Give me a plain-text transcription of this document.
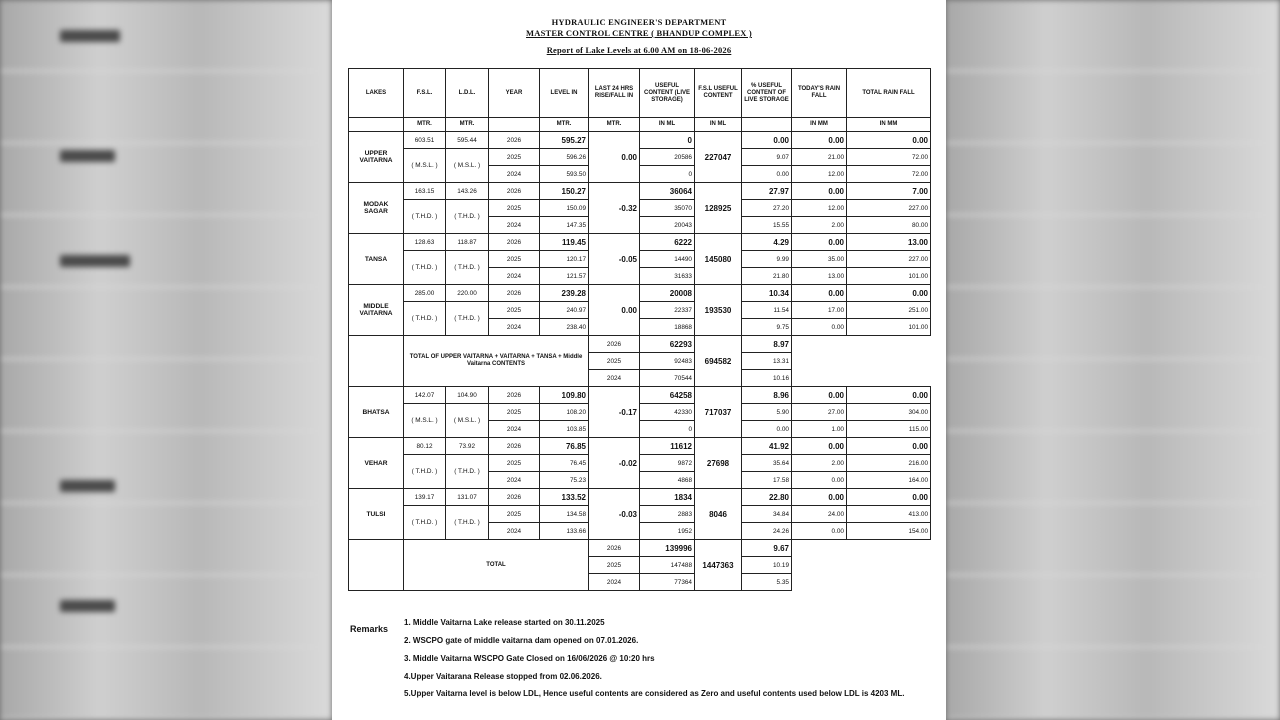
HYDRAULIC ENGINEER'S DEPARTMENT
MASTER CONTROL CENTRE ( BHANDUP COMPLEX )
Report of Lake Levels at 6.00 AM on 18-06-2026
LAKES	F.S.L.	L.D.L.	YEAR	LEVEL IN	LAST 24 HRS RISE/FALL IN	USEFUL CONTENT (LIVE STORAGE)	F.S.L USEFUL CONTENT	% USEFUL CONTENT OF LIVE STORAGE	TODAY'S RAIN FALL	TOTAL RAIN FALL
	MTR.	MTR.		MTR.	MTR.	IN ML	IN ML		IN MM	IN MM
UPPER VAITARNA	603.51	595.44	2026	595.27	0.00	0	227047	0.00	0.00	0.00
	( M.S.L. )	( M.S.L. )	2025	596.26		20586		9.07	21.00	72.00
			2024	593.50		0		0.00	12.00	72.00
MODAK SAGAR	163.15	143.26	2026	150.27	-0.32	36064	128925	27.97	0.00	7.00
	( T.H.D. )	( T.H.D. )	2025	150.09		35070		27.20	12.00	227.00
			2024	147.35		20043		15.55	2.00	80.00
TANSA	128.63	118.87	2026	119.45	-0.05	6222	145080	4.29	0.00	13.00
	( T.H.D. )	( T.H.D. )	2025	120.17		14490		9.99	35.00	227.00
			2024	121.57		31633		21.80	13.00	101.00
MIDDLE VAITARNA	285.00	220.00	2026	239.28	0.00	20008	193530	10.34	0.00	0.00
	( T.H.D. )	( T.H.D. )	2025	240.97		22337		11.54	17.00	251.00
			2024	238.40		18868		9.75	0.00	101.00
	TOTAL OF UPPER VAITARNA + VAITARNA + TANSA + Middle Vaitarna CONTENTS				2026	62293	694582	8.97		
					2025	92483		13.31		
					2024	70544		10.16		
BHATSA	142.07	104.90	2026	109.80	-0.17	64258	717037	8.96	0.00	0.00
	( M.S.L. )	( M.S.L. )	2025	108.20		42330		5.90	27.00	304.00
			2024	103.85		0		0.00	1.00	115.00
VEHAR	80.12	73.92	2026	76.85	-0.02	11612	27698	41.92	0.00	0.00
	( T.H.D. )	( T.H.D. )	2025	76.45		9872		35.64	2.00	216.00
			2024	75.23		4868		17.58	0.00	164.00
TULSI	139.17	131.07	2026	133.52	-0.03	1834	8046	22.80	0.00	0.00
	( T.H.D. )	( T.H.D. )	2025	134.58		2883		34.84	24.00	413.00
			2024	133.66		1952		24.26	0.00	154.00
	TOTAL				2026	139996	1447363	9.67		
					2025	147488		10.19		
					2024	77364		5.35		
Remarks
1. Middle Vaitarna Lake release started on 30.11.2025
2. WSCPO gate of middle vaitarna dam opened on 07.01.2026.
3. Middle Vaitarna WSCPO Gate Closed on 16/06/2026 @ 10:20 hrs
4.Upper Vaitarana Release stopped from 02.06.2026.
5.Upper Vaitarna level is below LDL, Hence useful contents are considered as Zero and useful contents used below LDL is 4203 ML.
